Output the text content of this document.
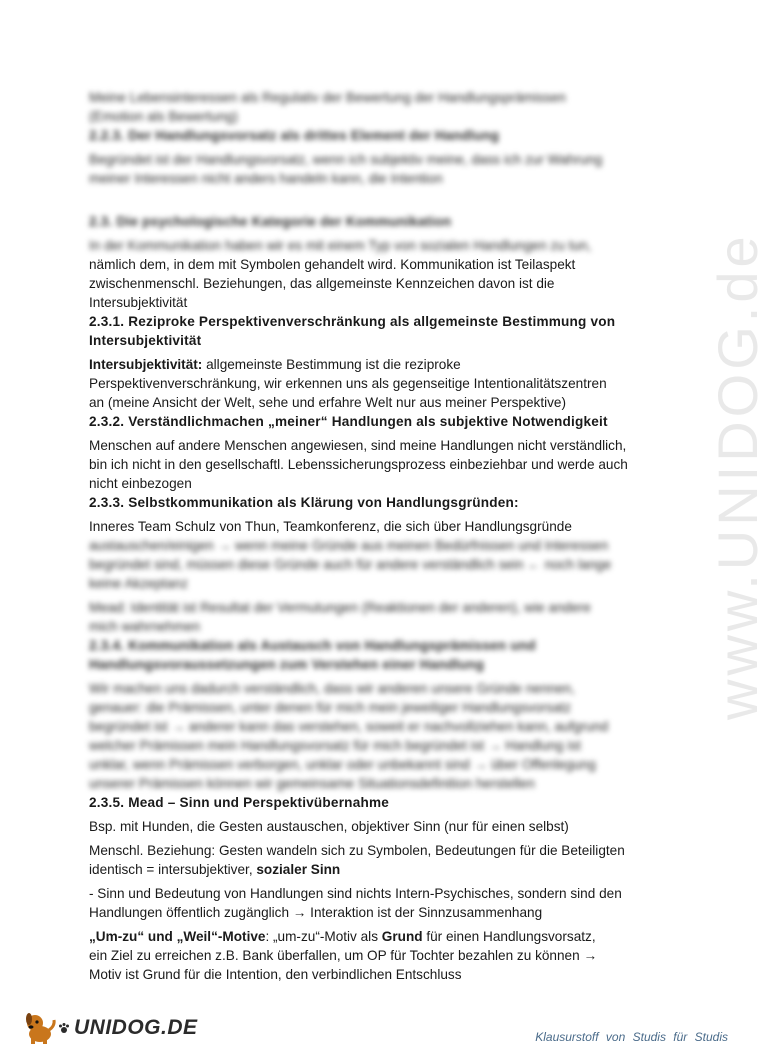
www.UNIDOG.de
Meine Lebensinteressen als Regulativ der Bewertung der Handlungsprämissen
(Emotion als Bewertung)
2.2.3. Der Handlungsvorsatz als drittes Element der Handlung
Begründet ist der Handlungsvorsatz, wenn ich subjektiv meine, dass ich zur Wahrung
meiner Interessen nicht anders handeln kann, die Intention
2.3. Die psychologische Kategorie der Kommunikation
In der Kommunikation haben wir es mit einem Typ von sozialen Handlungen zu tun,
nämlich dem, in dem mit Symbolen gehandelt wird. Kommunikation ist Teilaspekt
zwischenmenschl. Beziehungen, das allgemeinste Kennzeichen davon ist die
Intersubjektivität
2.3.1. Reziproke Perspektivenverschränkung als allgemeinste Bestimmung von
Intersubjektivität
Intersubjektivität: allgemeinste Bestimmung ist die reziproke
Perspektivenverschränkung, wir erkennen uns als gegenseitige Intentionalitätszentren
an (meine Ansicht der Welt, sehe und erfahre Welt nur aus meiner Perspektive)
2.3.2. Verständlichmachen „meiner“ Handlungen als subjektive Notwendigkeit
Menschen auf andere Menschen angewiesen, sind meine Handlungen nicht verständlich,
bin ich nicht in den gesellschaftl. Lebenssicherungsprozess einbeziehbar und werde auch
nicht einbezogen
2.3.3. Selbstkommunikation als Klärung von Handlungsgründen:
Inneres Team Schulz von Thun, Teamkonferenz, die sich über Handlungsgründe
austauschen/einigen → wenn meine Gründe aus meinen Bedürfnissen und Interessen
begründet sind, müssen diese Gründe auch für andere verständlich sein ← noch lange
keine Akzeptanz
Mead: Identität ist Resultat der Vermutungen (Reaktionen der anderen), wie andere
mich wahrnehmen
2.3.4. Kommunikation als Austausch von Handlungsprämissen und
Handlungsvoraussetzungen zum Verstehen einer Handlung
Wir machen uns dadurch verständlich, dass wir anderen unsere Gründe nennen,
genauer: die Prämissen, unter denen für mich mein jeweiliger Handlungsvorsatz
begründet ist → anderer kann das verstehen, soweit er nachvollziehen kann, aufgrund
welcher Prämissen mein Handlungsvorsatz für mich begründet ist → Handlung ist
unklar, wenn Prämissen verborgen, unklar oder unbekannt sind → über Offenlegung
unserer Prämissen können wir gemeinsame Situationsdefinition herstellen
2.3.5. Mead – Sinn und Perspektivübernahme
Bsp. mit Hunden, die Gesten austauschen, objektiver Sinn (nur für einen selbst)
Menschl. Beziehung: Gesten wandeln sich zu Symbolen, Bedeutungen für die Beteiligten
identisch = intersubjektiver, sozialer Sinn
- Sinn und Bedeutung von Handlungen sind nichts Intern-Psychisches, sondern sind den
Handlungen öffentlich zugänglich → Interaktion ist der Sinnzusammenhang
„Um-zu“ und „Weil“-Motive: „um-zu“-Motiv als Grund für einen Handlungsvorsatz,
ein Ziel zu erreichen z.B. Bank überfallen, um OP für Tochter bezahlen zu können →
Motiv ist Grund für die Intention, den verbindlichen Entschluss
UNIDOG.DE	Klausurstoff von Studis für Studis
